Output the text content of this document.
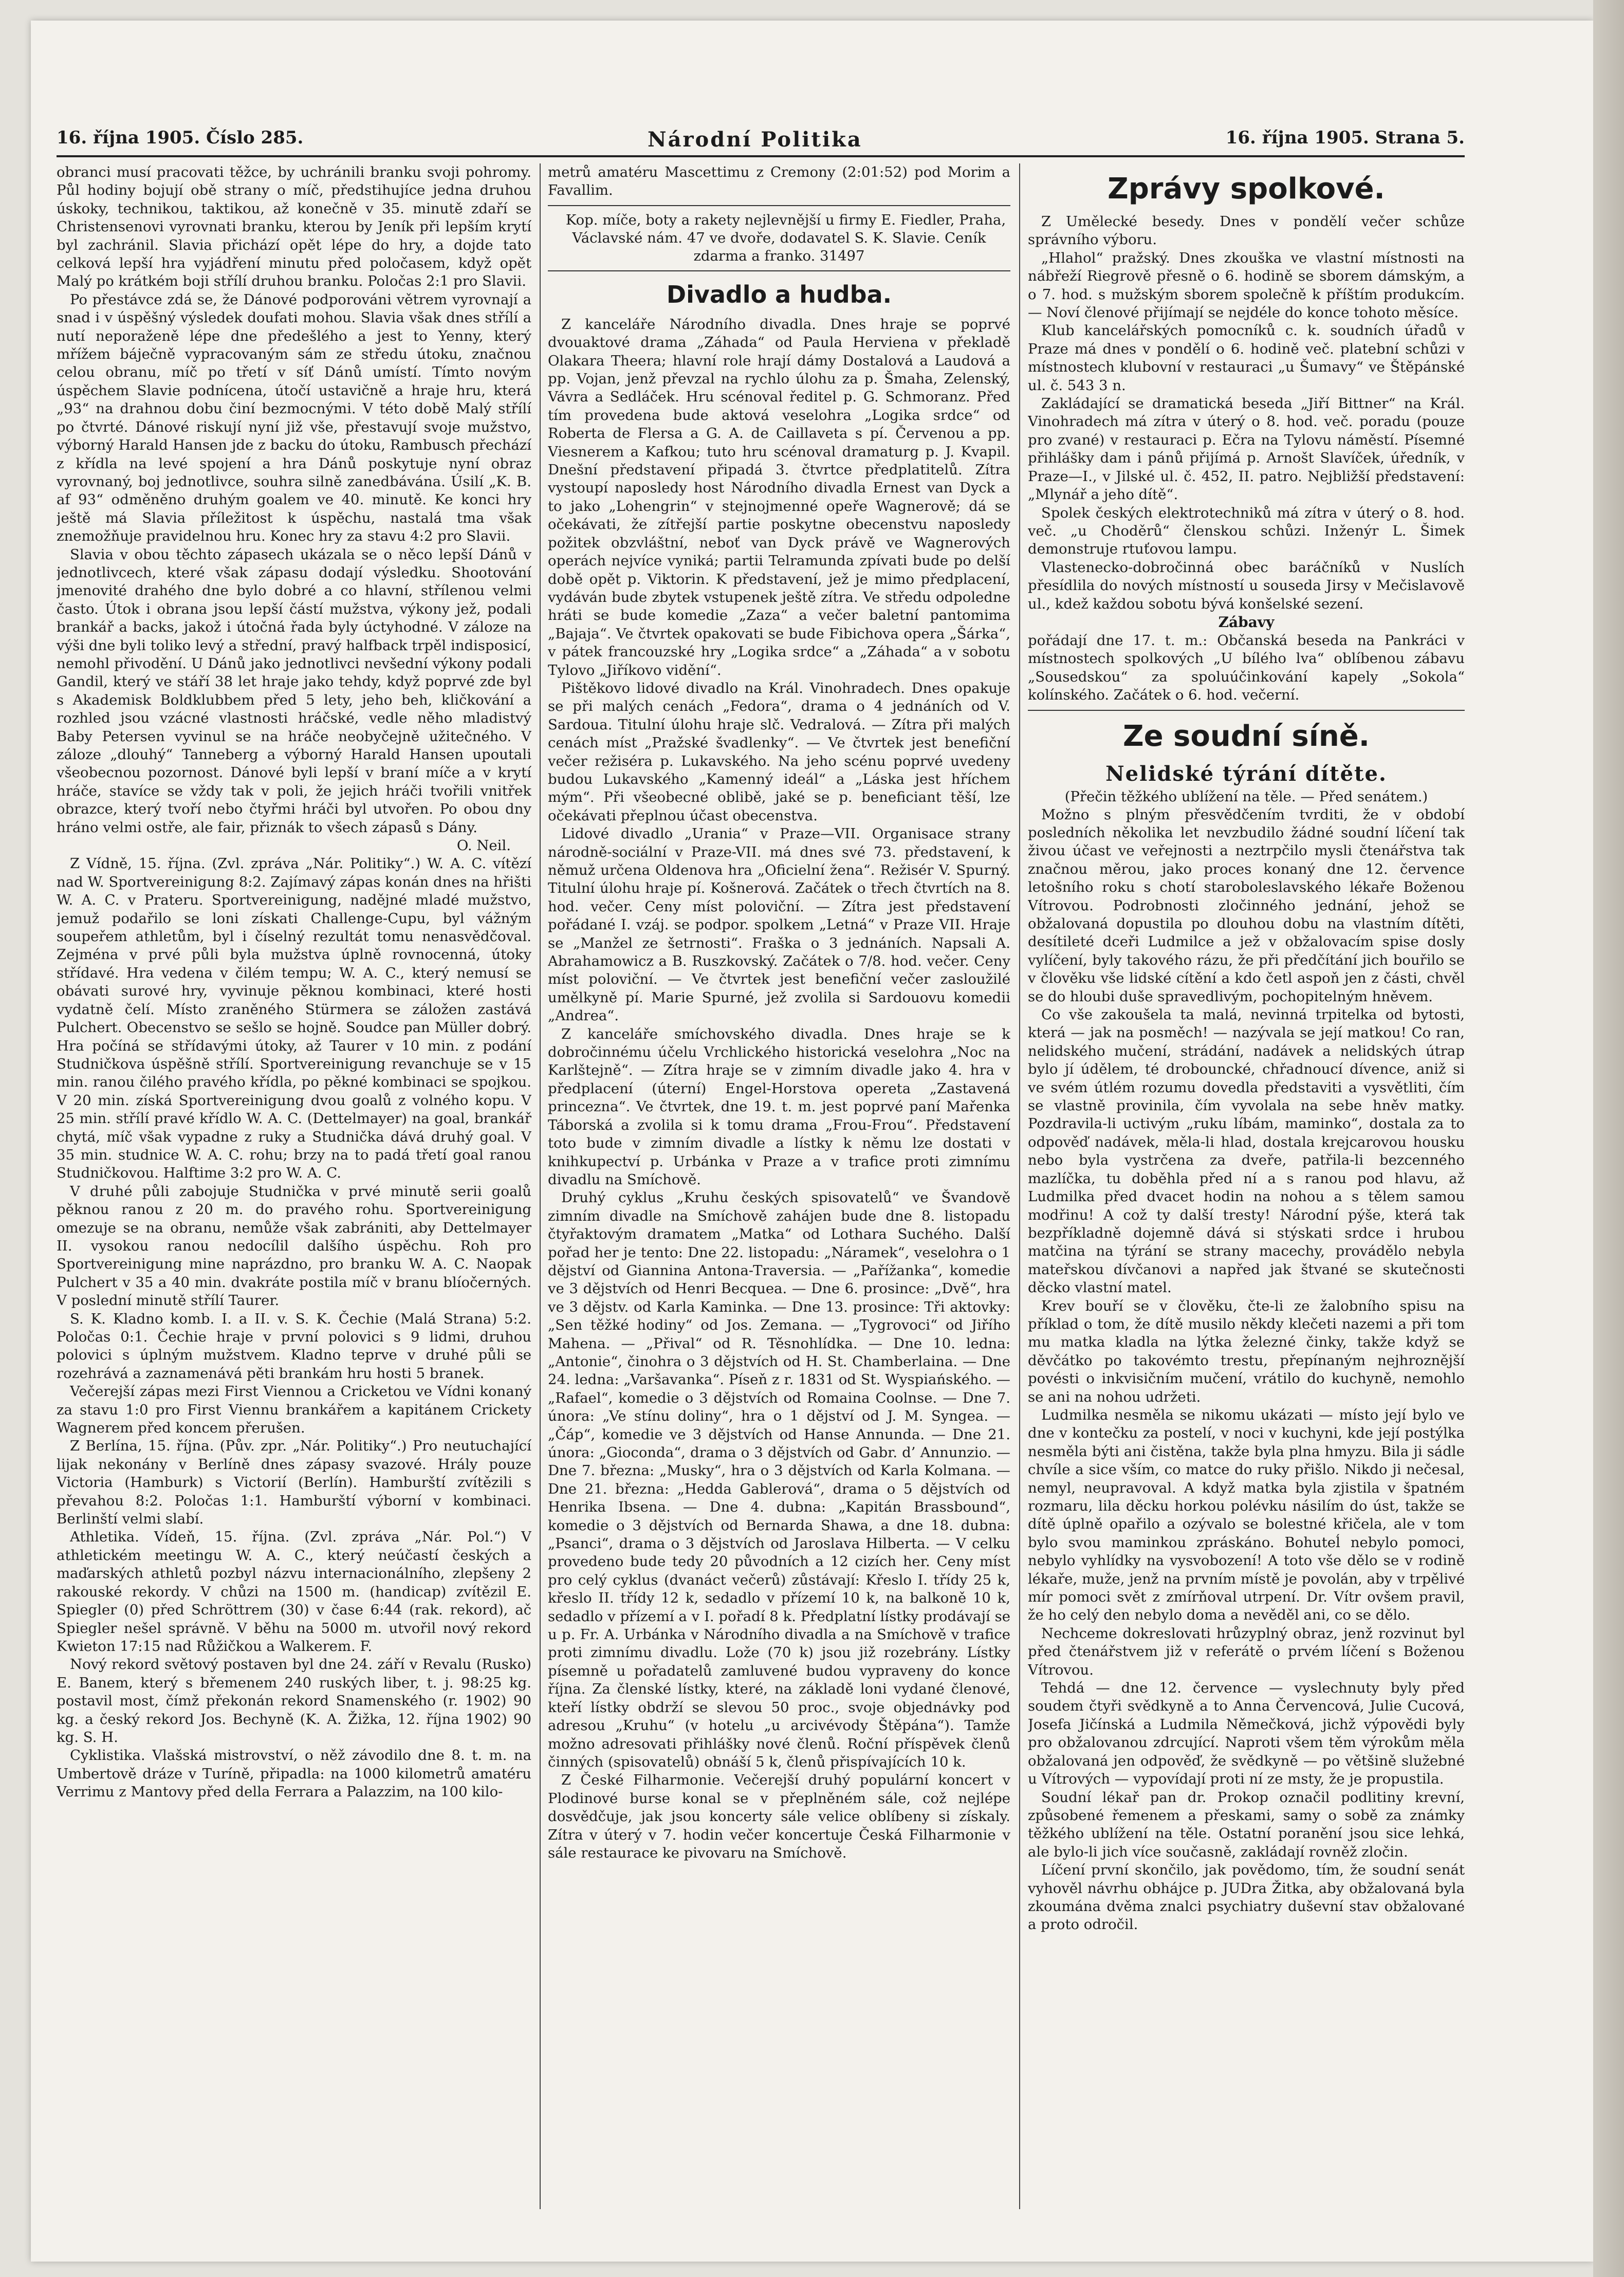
16. října 1905. Číslo 285.	Národní Politika	16. října 1905. Strana 5.

obranci musí pracovati těžce, by uchránili branku svoji pohromy. Půl hodiny bojují obě strany o míč, předstihujíce jedna druhou úskoky, technikou, taktikou, až konečně v 35. minutě zdaří se Christensenovi vyrovnati branku, kterou by Jeník při lepším krytí byl zachránil. Slavia přichází opět lépe do hry, a dojde tato celková lepší hra vyjádření minutu před poločasem, když opět Malý po krátkém boji střílí druhou branku. Poločas 2:1 pro Slavii.

Po přestávce zdá se, že Dánové podporováni větrem vyrovnají a snad i v úspěšný výsledek doufati mohou. Slavia však dnes střílí a nutí neporaženě lépe dne předešlého a jest to Yenny, který mřížem báječně vypracovaným sám ze středu útoku, značnou celou obranu, míč po třetí v síť Dánů umístí. Tímto novým úspěchem Slavie podnícena, útočí ustavičně a hraje hru, která „93“ na drahnou dobu činí bezmocnými. V této době Malý střílí po čtvrté. Dánové riskují nyní již vše, přestavují svoje mužstvo, výborný Harald Hansen jde z backu do útoku, Rambusch přechází z křídla na levé spojení a hra Dánů poskytuje nyní obraz vyrovnaný, boj jednotlivce, souhra silně zanedbávána. Úsilí „K. B. af 93“ odměněno druhým goalem ve 40. minutě. Ke konci hry ještě má Slavia příležitost k úspěchu, nastalá tma však znemožňuje pravidelnou hru. Konec hry za stavu 4:2 pro Slavii.

Slavia v obou těchto zápasech ukázala se o něco lepší Dánů v jednotlivcech, které však zápasu dodají výsledku. Shootování jmenovité drahého dne bylo dobré a co hlavní, střílenou velmi často. Útok i obrana jsou lepší částí mužstva, výkony jež, podali brankář a backs, jakož i útočná řada byly úctyhodné. V záloze na výši dne byli toliko levý a střední, pravý halfback trpěl indisposicí, nemohl přivodění. U Dánů jako jednotlivci nevšední výkony podali Gandil, který ve stáří 38 let hraje jako tehdy, když poprvé zde byl s Akademisk Boldklubbem před 5 lety, jeho beh, kličkování a rozhled jsou vzácné vlastnosti hráčské, vedle něho mladistvý Baby Petersen vyvinul se na hráče neobyčejně užitečného. V záloze „dlouhý“ Tanneberg a výborný Harald Hansen upoutali všeobecnou pozornost. Dánové byli lepší v braní míče a v krytí hráče, stavíce se vždy tak v poli, že jejich hráči tvořili vnitřek obrazce, který tvoří nebo čtyřmi hráči byl utvořen. Po obou dny hráno velmi ostře, ale fair, přiznák to všech zápasů s Dány.

O. Neil.

Z Vídně, 15. října. (Zvl. zpráva „Nár. Politiky“.) W. A. C. vítězí nad W. Sportvereinigung 8:2. Zajímavý zápas konán dnes na hřišti W. A. C. v Prateru. Sportvereinigung, nadějné mladé mužstvo, jemuž podařilo se loni získati Challenge-Cupu, byl vážným soupeřem athletům, byl i číselný rezultát tomu nenasvědčoval. Zejména v prvé půli byla mužstva úplně rovnocenná, útoky střídavé. Hra vedena v čilém tempu; W. A. C., který nemusí se obávati surové hry, vyvinuje pěknou kombinaci, které hosti vydatně čelí. Místo zraněného Stürmera se záložen zastává Pulchert. Obecenstvo se sešlo se hojně. Soudce pan Müller dobrý. Hra počíná se střídavými útoky, až Taurer v 10 min. z podání Studničkova úspěšně střílí. Sportvereinigung revanchuje se v 15 min. ranou čilého pravého křídla, po pěkné kombinaci se spojkou. V 20 min. získá Sportvereinigung dvou goalů z volného kopu. V 25 min. střílí pravé křídlo W. A. C. (Dettelmayer) na goal, brankář chytá, míč však vypadne z ruky a Studnička dává druhý goal. V 35 min. studnice W. A. C. rohu; brzy na to padá třetí goal ranou Studničkovou. Halftime 3:2 pro W. A. C.

V druhé půli zabojuje Studnička v prvé minutě serii goalů pěknou ranou z 20 m. do pravého rohu. Sportvereinigung omezuje se na obranu, nemůže však zabrániti, aby Dettelmayer II. vysokou ranou nedocílil dalšího úspěchu. Roh pro Sportvereinigung mine naprázdno, pro branku W. A. C. Naopak Pulchert v 35 a 40 min. dvakráte postila míč v branu blíočerných. V poslední minutě střílí Taurer.

S. K. Kladno komb. I. a II. v. S. K. Čechie (Malá Strana) 5:2. Poločas 0:1. Čechie hraje v první polovici s 9 lidmi, druhou polovici s úplným mužstvem. Kladno teprve v druhé půli se rozehrává a zaznamenává pěti brankám hru hosti 5 branek.

Večerejší zápas mezi First Viennou a Cricketou ve Vídni konaný za stavu 1:0 pro First Viennu brankářem a kapitánem Crickety Wagnerem před koncem přerušen.

Z Berlína, 15. října. (Pův. zpr. „Nár. Politiky“.) Pro neutuchající lijak nekonány v Berlíně dnes zápasy svazové. Hrály pouze Victoria (Hamburk) s Victorií (Berlín). Hamburští zvítězili s převahou 8:2. Poločas 1:1. Hamburští výborní v kombinaci. Berlinští velmi slabí.

Athletika. Vídeň, 15. října. (Zvl. zpráva „Nár. Pol.“) V athletickém meetingu W. A. C., který neúčastí českých a maďarských athletů pozbyl názvu internacionálního, zlepšeny 2 rakouské rekordy. V chůzi na 1500 m. (handicap) zvítězil E. Spiegler (0) před Schröttrem (30) v čase 6:44 (rak. rekord), ač Spiegler nešel správně. V běhu na 5000 m. utvořil nový rekord Kwieton 17:15 nad Růžičkou a Walkerem. F.

Nový rekord světový postaven byl dne 24. září v Revalu (Rusko) E. Banem, který s břemenem 240 ruských liber, t. j. 98:25 kg. postavil most, čímž překonán rekord Snamenského (r. 1902) 90 kg. a český rekord Jos. Bechyně (K. A. Žižka, 12. října 1902) 90 kg. S. H.

Cyklistika. Vlašská mistrovství, o něž závodilo dne 8. t. m. na Umbertově dráze v Turíně, připadla: na 1000 kilometrů amatéru Verrimu z Mantovy před della Ferrara a Palazzim, na 100 kilo-

metrů amatéru Mascettimu z Cremony (2:01:52) pod Morim a Favallim.

Kop. míče, boty a rakety nejlevnější u firmy E. Fiedler, Praha, Václavské nám. 47 ve dvoře, dodavatel S. K. Slavie. Ceník zdarma a franko. 31497

Divadlo a hudba.

Z kanceláře Národního divadla. Dnes hraje se poprvé dvouaktové drama „Záhada“ od Paula Herviena v překladě Olakara Theera; hlavní role hrají dámy Dostalová a Laudová a pp. Vojan, jenž převzal na rychlo úlohu za p. Šmaha, Zelenský, Vávra a Sedláček. Hru scénoval ředitel p. G. Schmoranz. Před tím provedena bude aktová veselohra „Logika srdce“ od Roberta de Flersa a G. A. de Caillaveta s pí. Červenou a pp. Viesnerem a Kafkou; tuto hru scénoval dramaturg p. J. Kvapil. Dnešní představení připadá 3. čtvrtce předplatitelů. Zítra vystoupí naposledy host Národního divadla Ernest van Dyck a to jako „Lohengrin“ v stejnojmenné opeře Wagnerově; dá se očekávati, že zítřejší partie poskytne obecenstvu naposledy požitek obzvláštní, neboť van Dyck právě ve Wagnerových operách nejvíce vyniká; partii Telramunda zpívati bude po delší době opět p. Viktorin. K představení, jež je mimo předplacení, vydáván bude zbytek vstupenek ještě zítra. Ve středu odpoledne hráti se bude komedie „Zaza“ a večer baletní pantomima „Bajaja“. Ve čtvrtek opakovati se bude Fibichova opera „Šárka“, v pátek francouzské hry „Logika srdce“ a „Záhada“ a v sobotu Tylovo „Jiříkovo vidění“.

Pištěkovo lidové divadlo na Král. Vinohradech. Dnes opakuje se při malých cenách „Fedora“, drama o 4 jednáních od V. Sardoua. Titulní úlohu hraje slč. Vedralová. — Zítra při malých cenách míst „Pražské švadlenky“. — Ve čtvrtek jest benefiční večer režiséra p. Lukavského. Na jeho scénu poprvé uvedeny budou Lukavského „Kamenný ideál“ a „Láska jest hříchem mým“. Při všeobecné oblibě, jaké se p. beneficiant těší, lze očekávati přeplnou účast obecenstva.

Lidové divadlo „Urania“ v Praze—VII. Organisace strany národně-sociální v Praze-VII. má dnes své 73. představení, k němuž určena Oldenova hra „Oficielní žena“. Režisér V. Spurný. Titulní úlohu hraje pí. Košnerová. Začátek o třech čtvrtích na 8. hod. večer. Ceny míst poloviční. — Zítra jest představení pořádané I. vzáj. se podpor. spolkem „Letná“ v Praze VII. Hraje se „Manžel ze šetrnosti“. Fraška o 3 jednáních. Napsali A. Abrahamowicz a B. Ruszkovský. Začátek o 7/8. hod. večer. Ceny míst poloviční. — Ve čtvrtek jest benefiční večer zasloužilé umělkyně pí. Marie Spurné, jež zvolila si Sardouovu komedii „Andrea“.

Z kanceláře smíchovského divadla. Dnes hraje se k dobročinnému účelu Vrchlického historická veselohra „Noc na Karlštejně“. — Zítra hraje se v zimním divadle jako 4. hra v předplacení (úterní) Engel-Horstova opereta „Zastavená princezna“. Ve čtvrtek, dne 19. t. m. jest poprvé paní Mařenka Táborská a zvolila si k tomu drama „Frou-Frou“. Představení toto bude v zimním divadle a lístky k němu lze dostati v knihkupectví p. Urbánka v Praze a v trafice proti zimnímu divadlu na Smíchově.

Druhý cyklus „Kruhu českých spisovatelů“ ve Švandově zimním divadle na Smíchově zahájen bude dne 8. listopadu čtyřaktovým dramatem „Matka“ od Lothara Suchého. Další pořad her je tento: Dne 22. listopadu: „Náramek“, veselohra o 1 dějství od Giannina Antona-Traversia. — „Pařížanka“, komedie ve 3 dějstvích od Henri Becquea. — Dne 6. prosince: „Dvě“, hra ve 3 dějstv. od Karla Kaminka. — Dne 13. prosince: Tři aktovky: „Sen těžké hodiny“ od Jos. Zemana. — „Tygrovoci“ od Jiřího Mahena. — „Přival“ od R. Těsnohlídka. — Dne 10. ledna: „Antonie“, činohra o 3 dějstvích od H. St. Chamberlaina. — Dne 24. ledna: „Varšavanka“. Píseň z r. 1831 od St. Wyspiańského. — „Rafael“, komedie o 3 dějstvích od Romaina Coolnse. — Dne 7. února: „Ve stínu doliny“, hra o 1 dějství od J. M. Syngea. — „Čáp“, komedie ve 3 dějstvích od Hanse Annunda. — Dne 21. února: „Gioconda“, drama o 3 dějstvích od Gabr. d’ Annunzio. — Dne 7. března: „Musky“, hra o 3 dějstvích od Karla Kolmana. — Dne 21. března: „Hedda Gablerová“, drama o 5 dějstvích od Henrika Ibsena. — Dne 4. dubna: „Kapitán Brassbound“, komedie o 3 dějstvích od Bernarda Shawa, a dne 18. dubna: „Psanci“, drama o 3 dějstvích od Jaroslava Hilberta. — V celku provedeno bude tedy 20 původních a 12 cizích her. Ceny míst pro celý cyklus (dvanáct večerů) zůstávají: Křeslo I. třídy 25 k, křeslo II. třídy 12 k, sedadlo v přízemí 10 k, na balkoně 10 k, sedadlo v přízemí a v I. pořadí 8 k. Předplatní lístky prodávají se u p. Fr. A. Urbánka v Národního divadla a na Smíchově v trafice proti zimnímu divadlu. Lože (70 k) jsou již rozebrány. Lístky písemně u pořadatelů zamluvené budou vypraveny do konce října. Za členské lístky, které, na základě loni vydané členové, kteří lístky obdrží se slevou 50 proc., svoje objednávky pod adresou „Kruhu“ (v hotelu „u arcivévody Štěpána“). Tamže možno adresovati přihlášky nové členů. Roční příspěvek členů činných (spisovatelů) obnáší 5 k, členů přispívajících 10 k.

Z České Filharmonie. Večerejší druhý populární koncert v Plodinové burse konal se v přeplněném sále, což nejlépe dosvědčuje, jak jsou koncerty sále velice oblíbeny si získaly. Zítra v úterý v 7. hodin večer koncertuje Česká Filharmonie v sále restaurace ke pivovaru na Smíchově.

Zprávy spolkové.

Z Umělecké besedy. Dnes v pondělí večer schůze správního výboru.

„Hlahol“ pražský. Dnes zkouška ve vlastní místnosti na nábřeží Riegrově přesně o 6. hodině se sborem dámským, a o 7. hod. s mužským sborem společně k příštím produkcím. — Noví členové přijímají se nejdéle do konce tohoto měsíce.

Klub kancelářských pomocníků c. k. soudních úřadů v Praze má dnes v pondělí o 6. hodině več. platební schůzi v místnostech klubovní v restauraci „u Šumavy“ ve Štěpánské ul. č. 543 3 n.

Zakládající se dramatická beseda „Jiří Bittner“ na Král. Vinohradech má zítra v úterý o 8. hod. več. poradu (pouze pro zvané) v restauraci p. Ečra na Tylovu náměstí. Písemné přihlášky dam i pánů přijímá p. Arnošt Slavíček, úředník, v Praze—I., v Jilské ul. č. 452, II. patro. Nejbližší představení: „Mlynář a jeho dítě“.

Spolek českých elektrotechniků má zítra v úterý o 8. hod. več. „u Choděrů“ členskou schůzi. Inženýr L. Šimek demonstruje rtuťovou lampu.

Vlastenecko-dobročinná obec baráčníků v Nuslích přesídlila do nových místností u souseda Jirsy v Mečislavově ul., kdež každou sobotu bývá konšelské sezení.

Zábavy

pořádají dne 17. t. m.: Občanská beseda na Pankráci v místnostech spolkových „U bílého lva“ oblíbenou zábavu „Sousedskou“ za spoluúčinkování kapely „Sokola“ kolínského. Začátek o 6. hod. večerní.

Ze soudní síně.
Nelidské týrání dítěte.
(Přečin těžkého ublížení na těle. — Před senátem.)

Možno s plným přesvědčením tvrditi, že v období posledních několika let nevzbudilo žádné soudní líčení tak živou účast ve veřejnosti a neztrpčilo mysli čtenářstva tak značnou měrou, jako proces konaný dne 12. července letošního roku s chotí staroboleslavského lékaře Boženou Vítrovou. Podrobnosti zločinného jednání, jehož se obžalovaná dopustila po dlouhou dobu na vlastním dítěti, desítileté dceři Ludmilce a jež v obžalovacím spise dosly vylíčení, byly takového rázu, že při předčítání jich bouřilo se v člověku vše lidské cítění a kdo četl aspoň jen z části, chvěl se do hloubi duše spravedlivým, pochopitelným hněvem.

Co vše zakoušela ta malá, nevinná trpitelka od bytosti, která — jak na posměch! — nazývala se její matkou! Co ran, nelidského mučení, strádání, nadávek a nelidských útrap bylo jí údělem, té drobouncké, chřadnoucí dívence, aniž si ve svém útlém rozumu dovedla představiti a vysvětliti, čím se vlastně provinila, čím vyvolala na sebe hněv matky. Pozdravila-li uctivým „ruku líbám, maminko“, dostala za to odpověď nadávek, měla-li hlad, dostala krejcarovou housku nebo byla vystrčena za dveře, patřila-li bezcenného mazlíčka, tu doběhla před ní a s ranou pod hlavu, až Ludmilka před dvacet hodin na nohou a s tělem samou modřinu! A což ty další tresty! Národní pýše, která tak bezpříkladně dojemně dává si stýskati srdce i hrubou matčina na týrání se strany macechy, provádělo nebyla mateřskou dívčanovi a napřed jak štvané se skutečnosti děcko vlastní matel.

Krev bouří se v člověku, čte-li ze žalobního spisu na příklad o tom, že dítě musilo někdy klečeti nazemi a při tom mu matka kladla na lýtka železné činky, takže když se děvčátko po takovémto trestu, přepínaným nejhroznější povésti o inkvisičním mučení, vrátilo do kuchyně, nemohlo se ani na nohou udržeti.

Ludmilka nesměla se nikomu ukázati — místo její bylo ve dne v kontečku za postelí, v noci v kuchyni, kde její postýlka nesměla býti ani čistěna, takže byla plna hmyzu. Bila ji sádle chvíle a sice vším, co matce do ruky přišlo. Nikdo ji nečesal, nemyl, neupravoval. A když matka byla zjistila v špatném rozmaru, lila děcku horkou polévku násilím do úst, takže se dítě úplně opařilo a ozývalo se bolestné křičela, ale v tom bylo svou maminkou zpráskáno. Bohuteĺ nebylo pomoci, nebylo vyhlídky na vysvobození! A toto vše dělo se v rodině lékaře, muže, jenž na prvním místě je povolán, aby v trpělivé mír pomoci svět z zmírňoval utrpení. Dr. Vítr ovšem pravil, že ho celý den nebylo doma a nevěděl ani, co se dělo.

Nechceme dokreslovati hrůzyplný obraz, jenž rozvinut byl před čtenářstvem již v referátě o prvém líčení s Boženou Vítrovou.

Tehdá — dne 12. července — vyslechnuty byly před soudem čtyři svědkyně a to Anna Červencová, Julie Cucová, Josefa Jičínská a Ludmila Němečková, jichž výpovědi byly pro obžalovanou zdrcující. Naproti všem těm výrokům měla obžalovaná jen odpověď, že svědkyně — po většině služebné u Vítrových — vypovídají proti ní ze msty, že je propustila.

Soudní lékař pan dr. Prokop označil podlitiny krevní, způsobené řemenem a přeskami, samy o sobě za známky těžkého ublížení na těle. Ostatní poranění jsou sice lehká, ale bylo-li jich více současně, zakládají rovněž zločin.

Líčení první skončilo, jak povědomo, tím, že soudní senát vyhověl návrhu obhájce p. JUDra Žitka, aby obžalovaná byla zkoumána dvěma znalci psychiatry duševní stav obžalované a proto odročil.
